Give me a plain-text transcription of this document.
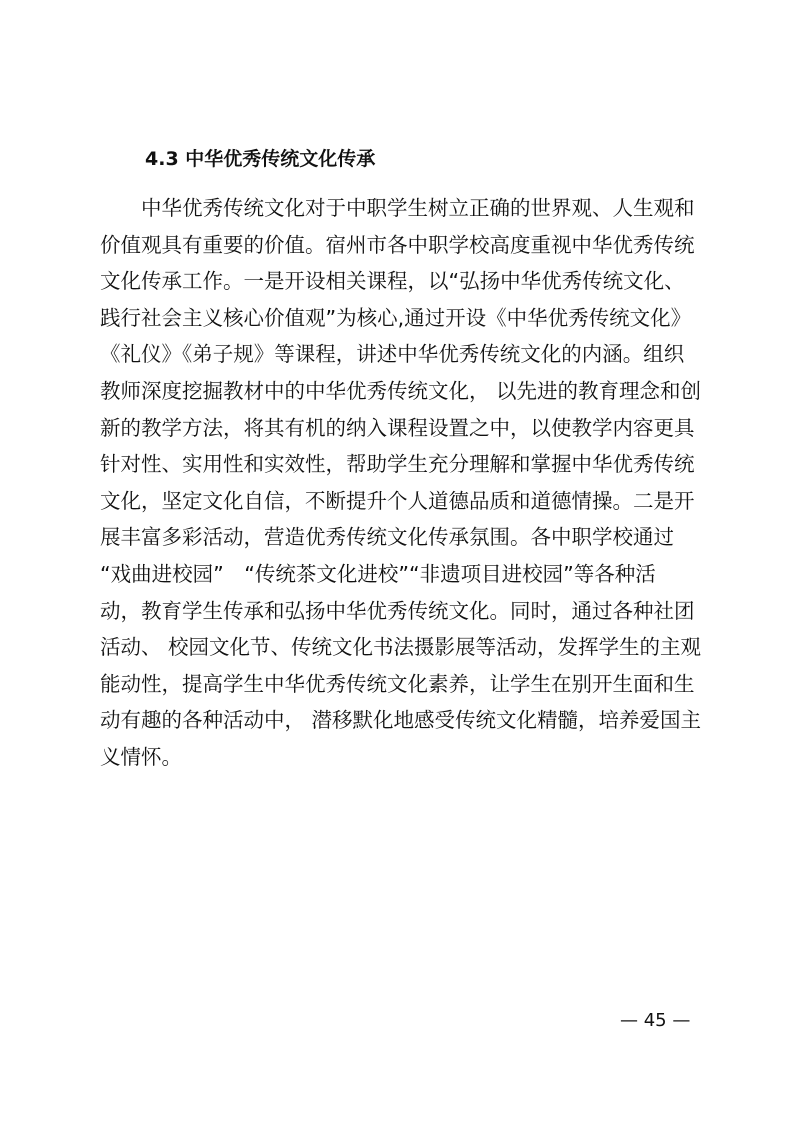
4.3 中华优秀传统文化传承
　　中华优秀传统文化对于中职学生树立正确的世界观、人生观和
价值观具有重要的价值。宿州市各中职学校高度重视中华优秀传统
文化传承工作。一是开设相关课程，以“弘扬中华优秀传统文化、
践行社会主义核心价值观”为核心,通过开设《中华优秀传统文化》
《礼仪》《弟子规》等课程，讲述中华优秀传统文化的内涵。组织
教师深度挖掘教材中的中华优秀传统文化， 以先进的教育理念和创
新的教学方法，将其有机的纳入课程设置之中，以使教学内容更具
针对性、实用性和实效性，帮助学生充分理解和掌握中华优秀传统
文化，坚定文化自信，不断提升个人道德品质和道德情操。二是开
展丰富多彩活动，营造优秀传统文化传承氛围。各中职学校通过
“戏曲进校园”　“传统茶文化进校”“非遗项目进校园”等各种活
动，教育学生传承和弘扬中华优秀传统文化。同时，通过各种社团
活动、 校园文化节、传统文化书法摄影展等活动，发挥学生的主观
能动性，提高学生中华优秀传统文化素养，让学生在别开生面和生
动有趣的各种活动中， 潜移默化地感受传统文化精髓，培养爱国主
义情怀。
— 45 —
